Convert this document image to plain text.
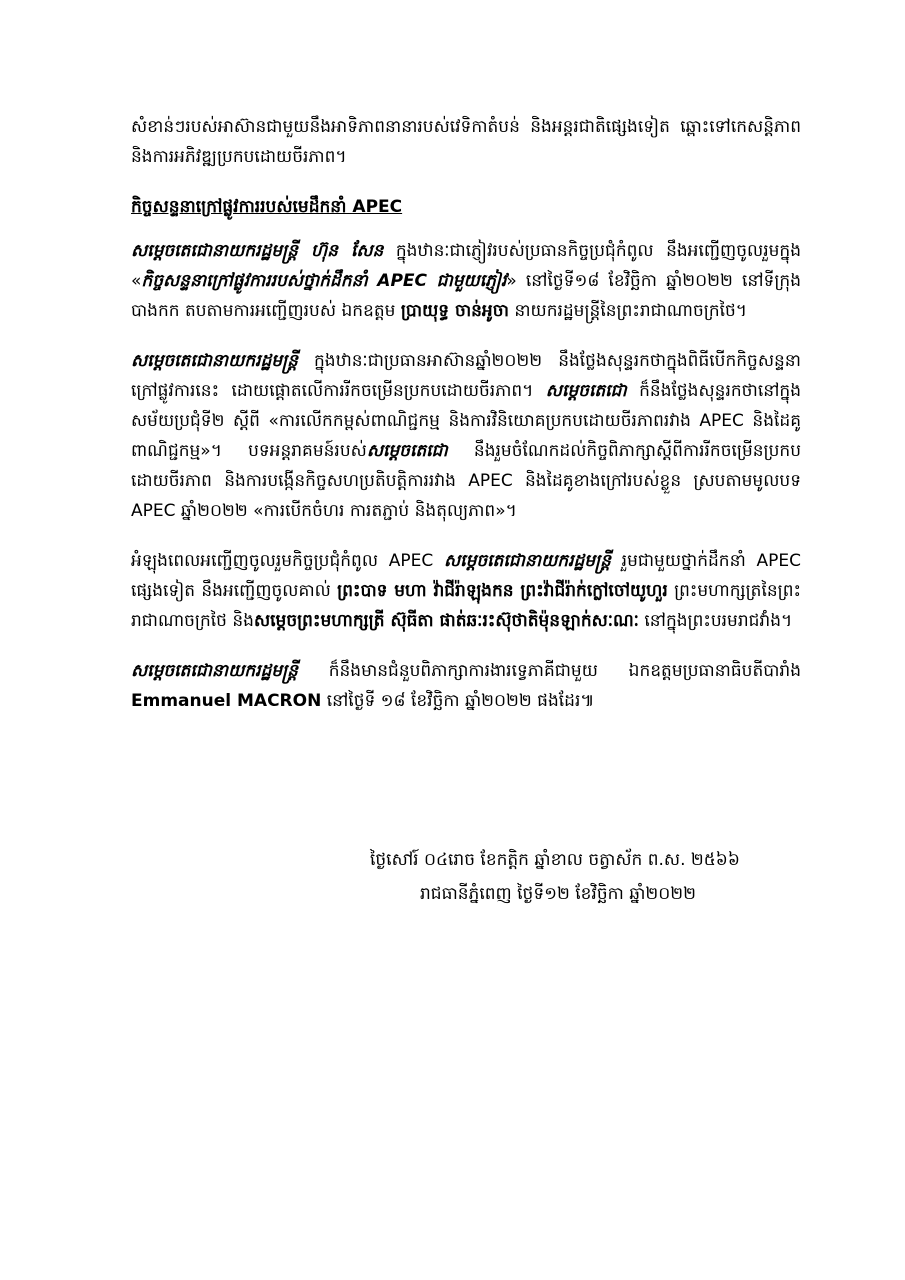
សំខាន់ៗរបស់អាស៊ានជាមួយនឹងអាទិភាពនានារបស់វេទិកាតំបន់ និងអន្តរជាតិផ្សេងទៀត ឆ្ពោះទៅកេសន្តិភាព និងការអភិវឌ្ឍប្រកបដោយចីរភាព។

កិច្ចសន្ទនាក្រៅផ្លូវការរបស់មេដឹកនាំ APEC

សម្តេចតេជោនាយករដ្ឋមន្ត្រី ហ៊ុន សែន ក្នុងឋានៈជាភ្ញៀវរបស់ប្រធានកិច្ចប្រជុំកំពូល នឹងអញ្ជើញចូលរួមក្នុង «កិច្ចសន្ទនាក្រៅផ្លូវការរបស់ថ្នាក់ដឹកនាំ APEC ជាមួយភ្ញៀវ» នៅថ្ងៃទី១៨ ខែវិច្ឆិកា ឆ្នាំ២០២២ នៅទីក្រុងបាងកក តបតាមការអញ្ជើញរបស់ ឯកឧត្តម ប្រាយុទ្ធ ចាន់អូចា នាយករដ្ឋមន្ត្រីនៃព្រះរាជាណាចក្រថៃ។

សម្តេចតេជោនាយករដ្ឋមន្ត្រី ក្នុងឋានៈជាប្រធានអាស៊ានឆ្នាំ២០២២ នឹងថ្លែងសុន្ទរកថាក្នុងពិធីបើកកិច្ចសន្ទនាក្រៅផ្លូវការនេះ ដោយផ្តោតលើការរីកចម្រើនប្រកបដោយចីរភាព។ សម្តេចតេជោ ក៏នឹងថ្លែងសុន្ទរកថានៅក្នុងសម័យប្រជុំទី២ ស្តីពី «ការលើកកម្ពស់ពាណិជ្ជកម្ម និងការវិនិយោគប្រកបដោយចីរភាពរវាង APEC និងដៃគូពាណិជ្ជកម្ម»។ បទអន្តរាគមន៍របស់សម្តេចតេជោ នឹងរួមចំណែកដល់កិច្ចពិភាក្សាស្តីពីការរីកចម្រើនប្រកបដោយចីរភាព និងការបង្កើនកិច្ចសហប្រតិបត្តិការរវាង APEC និងដៃគូខាងក្រៅរបស់ខ្លួន ស្របតាមមូលបទ APEC ឆ្នាំ២០២២ «ការបើកចំហរ ការតភ្ជាប់ និងតុល្យភាព»។

អំឡុងពេលអញ្ជើញចូលរួមកិច្ចប្រជុំកំពូល APEC សម្តេចតេជោនាយករដ្ឋមន្ត្រី រួមជាមួយថ្នាក់ដឹកនាំ APEC ផ្សេងទៀត នឹងអញ្ជើញចូលគាល់ ព្រះបាទ មហា វ៉ាជីរ៉ាឡុងកន ព្រះវ៉ាជីរ៉ាក់ក្លៅចៅយូហួរ ព្រះមហាក្សត្រនៃព្រះរាជាណាចក្រថៃ និងសម្តេចព្រះមហាក្សត្រី ស៊ុធីតា ផាត់ឆៈរះស៊ុថាតិម៉ុនឡាក់សៈណៈ នៅក្នុងព្រះបរមរាជវាំង។

សម្តេចតេជោនាយករដ្ឋមន្ត្រី ក៏នឹងមានជំនួបពិភាក្សាការងារទ្វេភាគីជាមួយ ឯកឧត្តមប្រធានាធិបតីបារាំង Emmanuel MACRON នៅថ្ងៃទី ១៨ ខែវិច្ឆិកា ឆ្នាំ២០២២ ផងដែរ៕

ថ្ងៃសៅរ៍ ០៤រោច ខែកត្តិក ឆ្នាំខាល ចត្វាស័ក ព.ស. ២៥៦៦
រាជធានីភ្នំពេញ ថ្ងៃទី១២ ខែវិច្ឆិកា ឆ្នាំ២០២២
